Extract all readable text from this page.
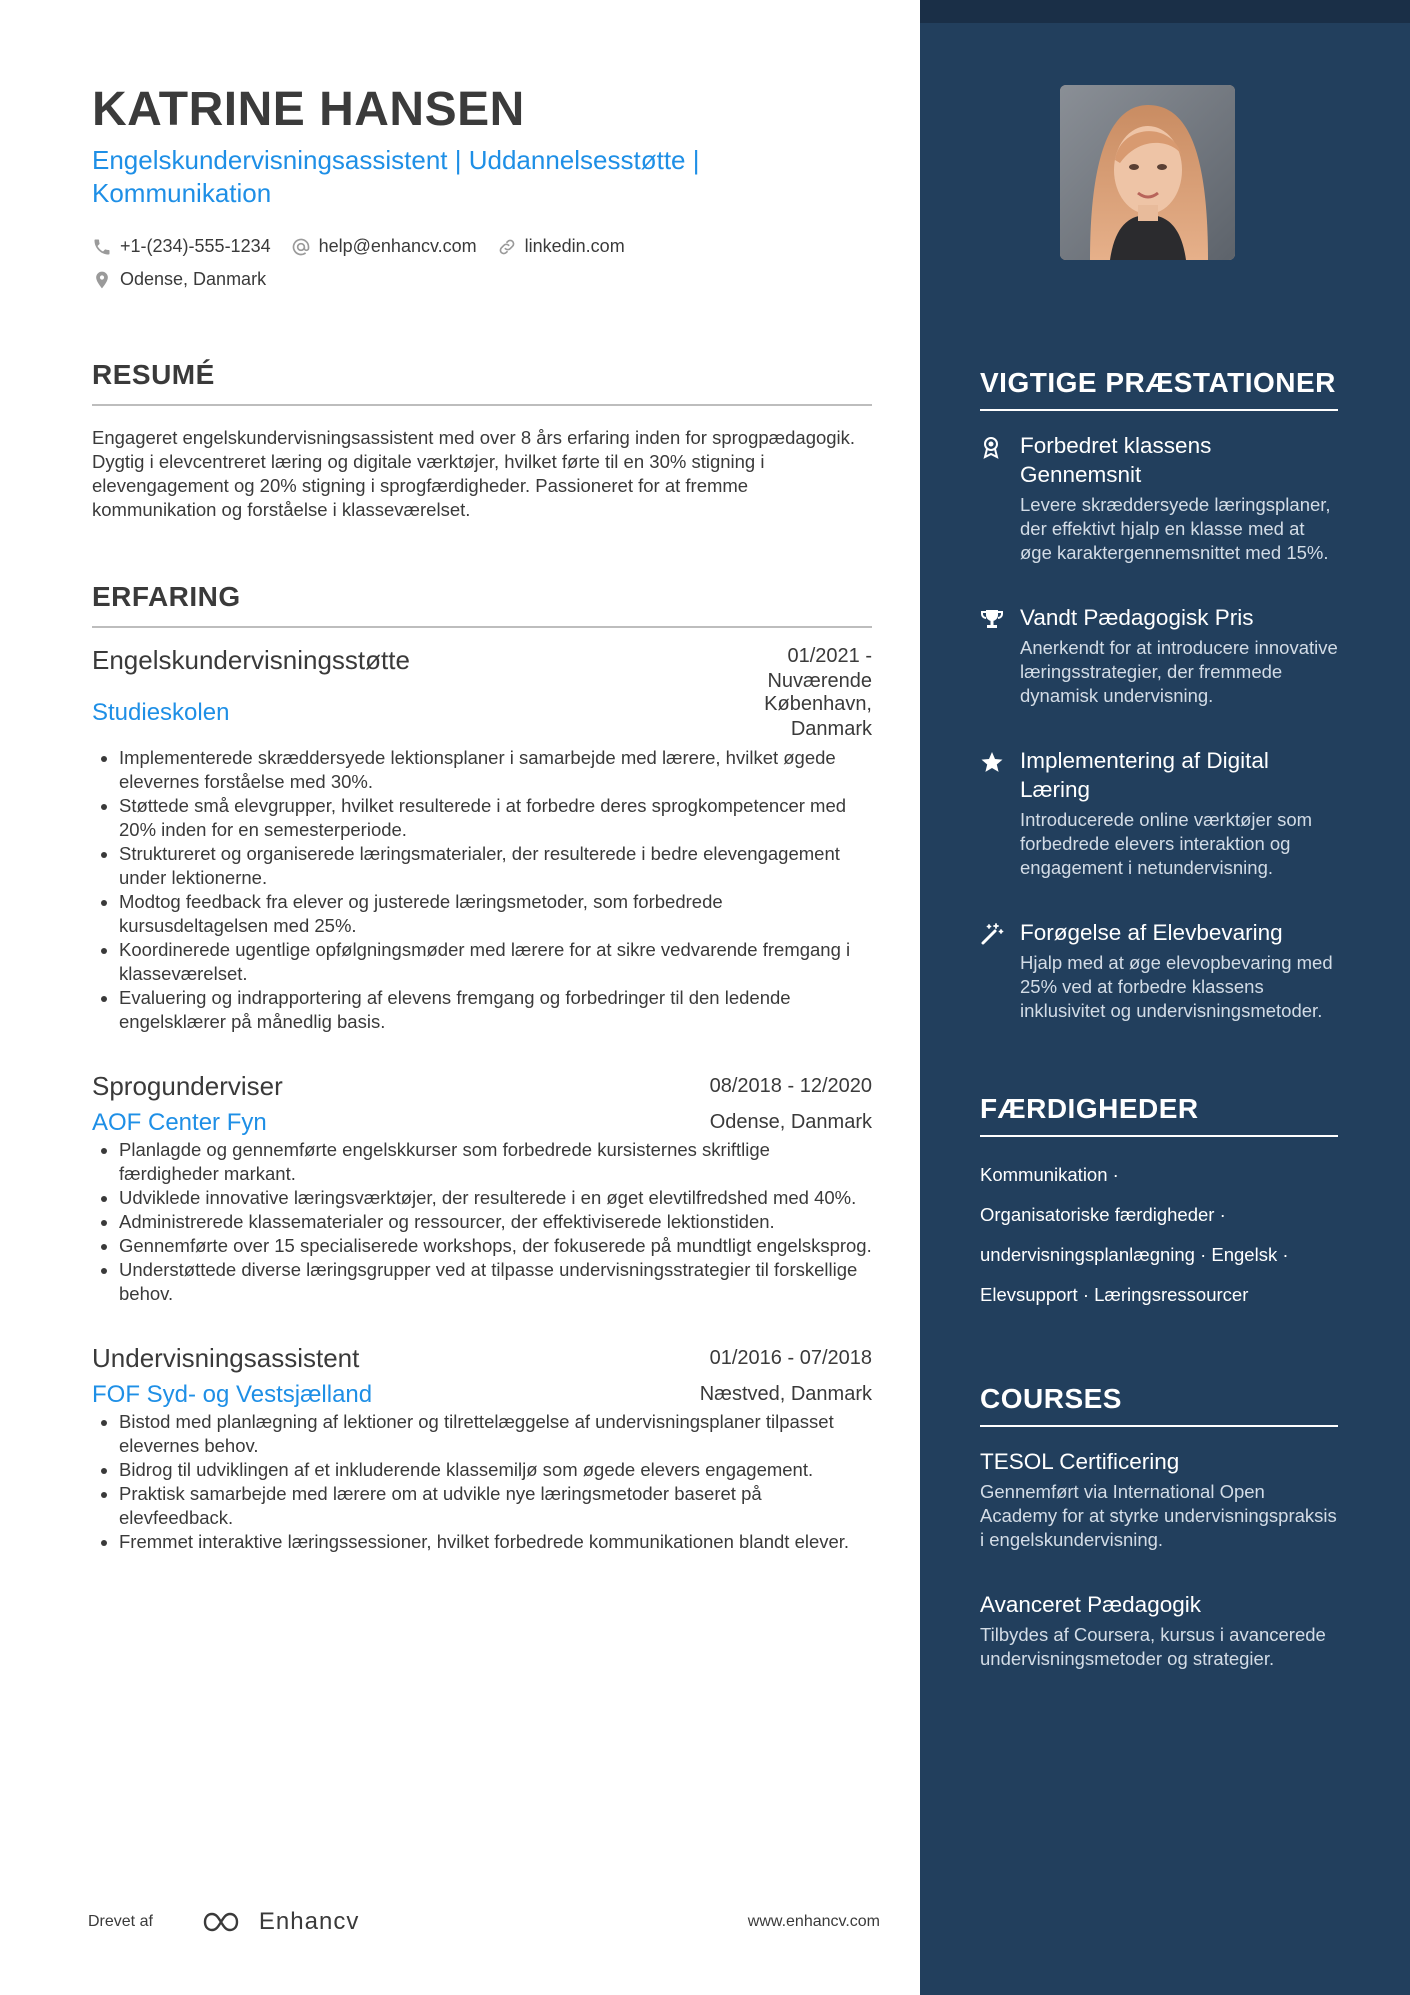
KATRINE HANSEN
Engelskundervisningsassistent | Uddannelsesstøtte | Kommunikation
+1-(234)-555-1234	help@enhancv.com	linkedin.com
Odense, Danmark
RESUMÉ
Engageret engelskundervisningsassistent med over 8 års erfaring inden for sprogpædagogik. Dygtig i elevcentreret læring og digitale værktøjer, hvilket førte til en 30% stigning i elevengagement og 20% stigning i sprogfærdigheder. Passioneret for at fremme kommunikation og forståelse i klasseværelset.
ERFARING
Engelskundervisningsstøtte	01/2021 -
Nuværende
Studieskolen	København,
Danmark
• Implementerede skræddersyede lektionsplaner i samarbejde med lærere, hvilket øgede elevernes forståelse med 30%.
• Støttede små elevgrupper, hvilket resulterede i at forbedre deres sprogkompetencer med 20% inden for en semesterperiode.
• Struktureret og organiserede læringsmaterialer, der resulterede i bedre elevengagement under lektionerne.
• Modtog feedback fra elever og justerede læringsmetoder, som forbedrede kursusdeltagelsen med 25%.
• Koordinerede ugentlige opfølgningsmøder med lærere for at sikre vedvarende fremgang i klasseværelset.
• Evaluering og indrapportering af elevens fremgang og forbedringer til den ledende engelsklærer på månedlig basis.
Sprogunderviser	08/2018 - 12/2020
AOF Center Fyn	Odense, Danmark
• Planlagde og gennemførte engelskkurser som forbedrede kursisternes skriftlige færdigheder markant.
• Udviklede innovative læringsværktøjer, der resulterede i en øget elevtilfredshed med 40%.
• Administrerede klassematerialer og ressourcer, der effektiviserede lektionstiden.
• Gennemførte over 15 specialiserede workshops, der fokuserede på mundtligt engelsksprog.
• Understøttede diverse læringsgrupper ved at tilpasse undervisningsstrategier til forskellige behov.
Undervisningsassistent	01/2016 - 07/2018
FOF Syd- og Vestsjælland	Næstved, Danmark
• Bistod med planlægning af lektioner og tilrettelæggelse af undervisningsplaner tilpasset elevernes behov.
• Bidrog til udviklingen af et inkluderende klassemiljø som øgede elevers engagement.
• Praktisk samarbejde med lærere om at udvikle nye læringsmetoder baseret på elevfeedback.
• Fremmet interaktive læringssessioner, hvilket forbedrede kommunikationen blandt elever.
Drevet af	Enhancv	www.enhancv.com
VIGTIGE PRÆSTATIONER
Forbedret klassens Gennemsnit
Levere skræddersyede læringsplaner, der effektivt hjalp en klasse med at øge karaktergennemsnittet med 15%.
Vandt Pædagogisk Pris
Anerkendt for at introducere innovative læringsstrategier, der fremmede dynamisk undervisning.
Implementering af Digital Læring
Introducerede online værktøjer som forbedrede elevers interaktion og engagement i netundervisning.
Forøgelse af Elevbevaring
Hjalp med at øge elevopbevaring med 25% ved at forbedre klassens inklusivitet og undervisningsmetoder.
FÆRDIGHEDER
Kommunikation ·
Organisatoriske færdigheder ·
undervisningsplanlægning · Engelsk ·
Elevsupport · Læringsressourcer
COURSES
TESOL Certificering
Gennemført via International Open Academy for at styrke undervisningspraksis i engelskundervisning.
Avanceret Pædagogik
Tilbydes af Coursera, kursus i avancerede undervisningsmetoder og strategier.
